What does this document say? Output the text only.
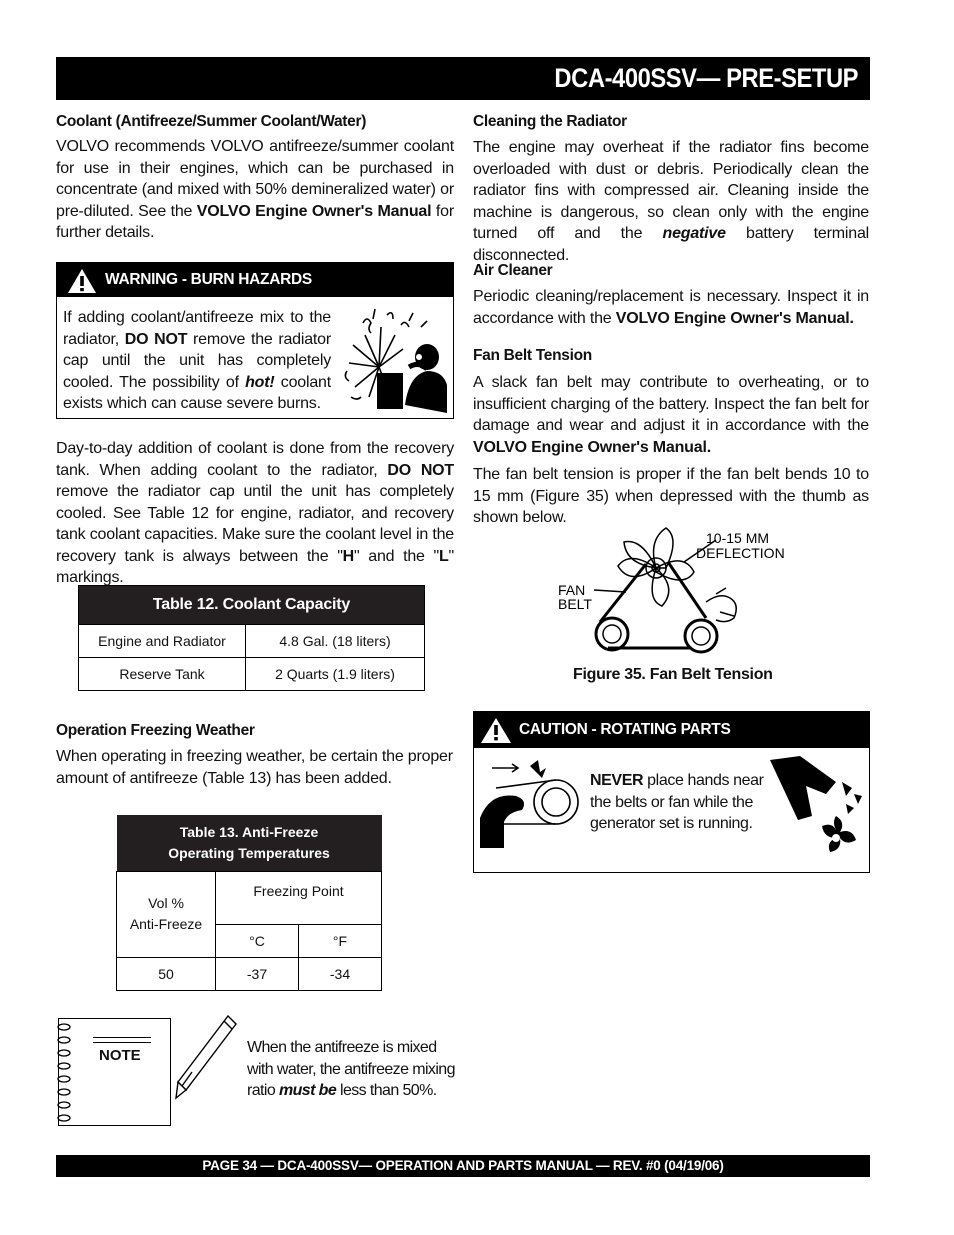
DCA-400SSV— PRE-SETUP
Coolant (Antifreeze/Summer Coolant/Water)
VOLVO recommends VOLVO antifreeze/summer coolant for use in their engines, which can be purchased in concentrate (and mixed with 50% demineralized water) or pre-diluted. See the VOLVO Engine Owner's Manual for further details.
WARNING - BURN HAZARDS
If adding coolant/antifreeze mix to the radiator, DO NOT remove the radiator cap until the unit has completely cooled. The possibility of hot! coolant exists which can cause severe burns.
Day-to-day addition of coolant is done from the recovery tank. When adding coolant to the radiator, DO NOT remove the radiator cap until the unit has completely cooled. See Table 12 for engine, radiator, and recovery tank coolant capacities. Make sure the coolant level in the recovery tank is always between the "H" and the "L" markings.
Table 12. Coolant Capacity	
Engine and Radiator	4.8 Gal. (18 liters)
Reserve Tank	2 Quarts (1.9 liters)
Operation Freezing Weather
When operating in freezing weather, be certain the proper amount of antifreeze (Table 13) has been added.
Table 13. Anti-Freeze
Operating Temperatures		
Vol %
Anti-Freeze	Freezing Point	
	°C	°F
50	-37	-34
NOTE	When the antifreeze is mixed with water, the antifreeze mixing ratio must be less than 50%.
Cleaning the Radiator
The engine may overheat if the radiator fins become overloaded with dust or debris. Periodically clean the radiator fins with compressed air. Cleaning inside the machine is dangerous, so clean only with the engine turned off and the negative battery terminal disconnected.
Air Cleaner
Periodic cleaning/replacement is necessary. Inspect it in accordance with the VOLVO Engine Owner's Manual.
Fan Belt Tension
A slack fan belt may contribute to overheating, or to insufficient charging of the battery. Inspect the fan belt for damage and wear and adjust it in accordance with the VOLVO Engine Owner's Manual.
The fan belt tension is proper if the fan belt bends 10 to 15 mm (Figure 35) when depressed with the thumb as shown below.
10-15 MM
DEFLECTION
FAN
BELT
Figure 35. Fan Belt Tension
CAUTION - ROTATING PARTS
NEVER place hands near the belts or fan while the generator set is running.
PAGE 34 — DCA-400SSV— OPERATION AND PARTS MANUAL — REV. #0 (04/19/06)
